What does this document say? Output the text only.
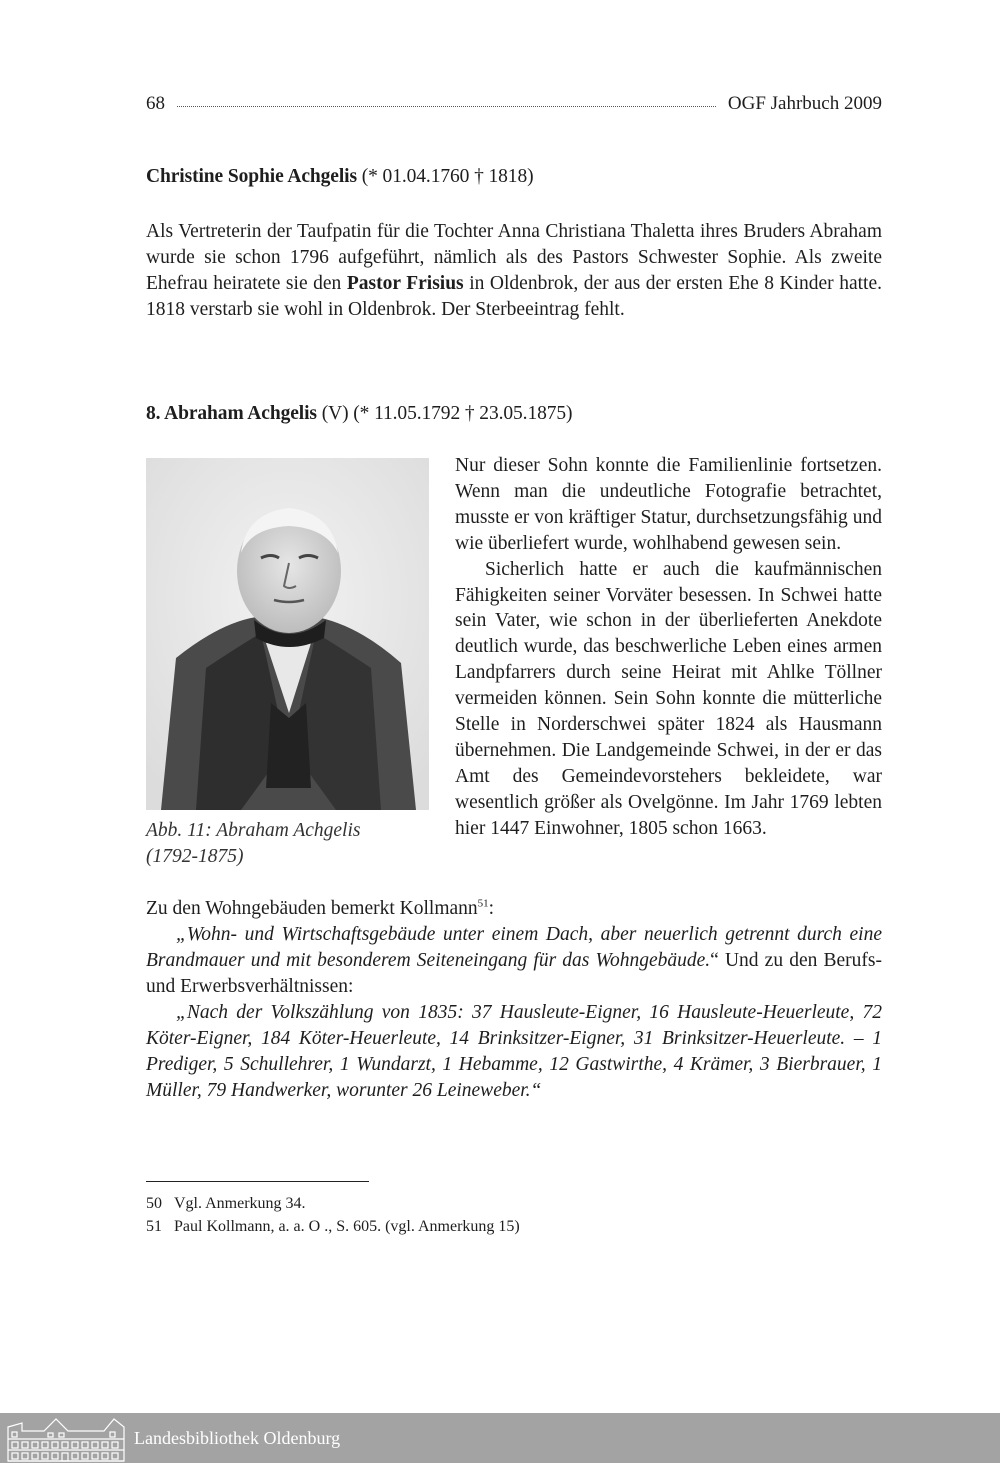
68	OGF Jahrbuch 2009
Christine Sophie Achgelis (* 01.04.1760 † 1818)
Als Vertreterin der Taufpatin für die Tochter Anna Christiana Thaletta ihres Bruders Abraham wurde sie schon 1796 aufgeführt, nämlich als des Pastors Schwester Sophie. Als zweite Ehefrau heiratete sie den Pastor Frisius in Oldenbrok, der aus der ersten Ehe 8 Kinder hatte. 1818 verstarb sie wohl in Oldenbrok. Der Sterbeeintrag fehlt.
8. Abraham Achgelis (V) (* 11.05.1792 † 23.05.1875)
Abb. 11: Abraham Achgelis
(1792-1875)

Nur dieser Sohn konnte die Familienlinie fortsetzen. Wenn man die undeutliche Fotografie betrachtet, musste er von kräftiger Statur, durchsetzungsfähig und wie überliefert wurde, wohlhabend gewesen sein.

Sicherlich hatte er auch die kaufmännischen Fähigkeiten seiner Vorväter besessen. In Schwei hatte sein Vater, wie schon in der überlieferten Anekdote deutlich wurde, das beschwerliche Leben eines armen Landpfarrers durch seine Heirat mit Ahlke Töllner vermeiden können. Sein Sohn konnte die mütterliche Stelle in Norderschwei später 1824 als Hausmann übernehmen. Die Landgemeinde Schwei, in der er das Amt des Gemeindevorstehers bekleidete, war wesentlich größer als Ovelgönne. Im Jahr 1769 lebten hier 1447 Einwohner, 1805 schon 1663.

Zu den Wohngebäuden bemerkt Kollmann$^{51}$:

„Wohn- und Wirtschaftsgebäude unter einem Dach, aber neuerlich getrennt durch eine Brandmauer und mit besonderem Seiteneingang für das Wohngebäude.“ Und zu den Berufs- und Erwerbsverhältnissen:

„Nach der Volkszählung von 1835: 37 Hausleute-Eigner, 16 Hausleute-Heuerleute, 72 Köter-Eigner, 184 Köter-Heuerleute, 14 Brinksitzer-Eigner, 31 Brinksitzer-Heuerleute. – 1 Prediger, 5 Schullehrer, 1 Wundarzt, 1 Hebamme, 12 Gastwirthe, 4 Krämer, 3 Bierbrauer, 1 Müller, 79 Handwerker, worunter 26 Leineweber.“

50 Vgl. Anmerkung 34.
51 Paul Kollmann, a. a. O ., S. 605. (vgl. Anmerkung 15)
Landesbibliothek Oldenburg
